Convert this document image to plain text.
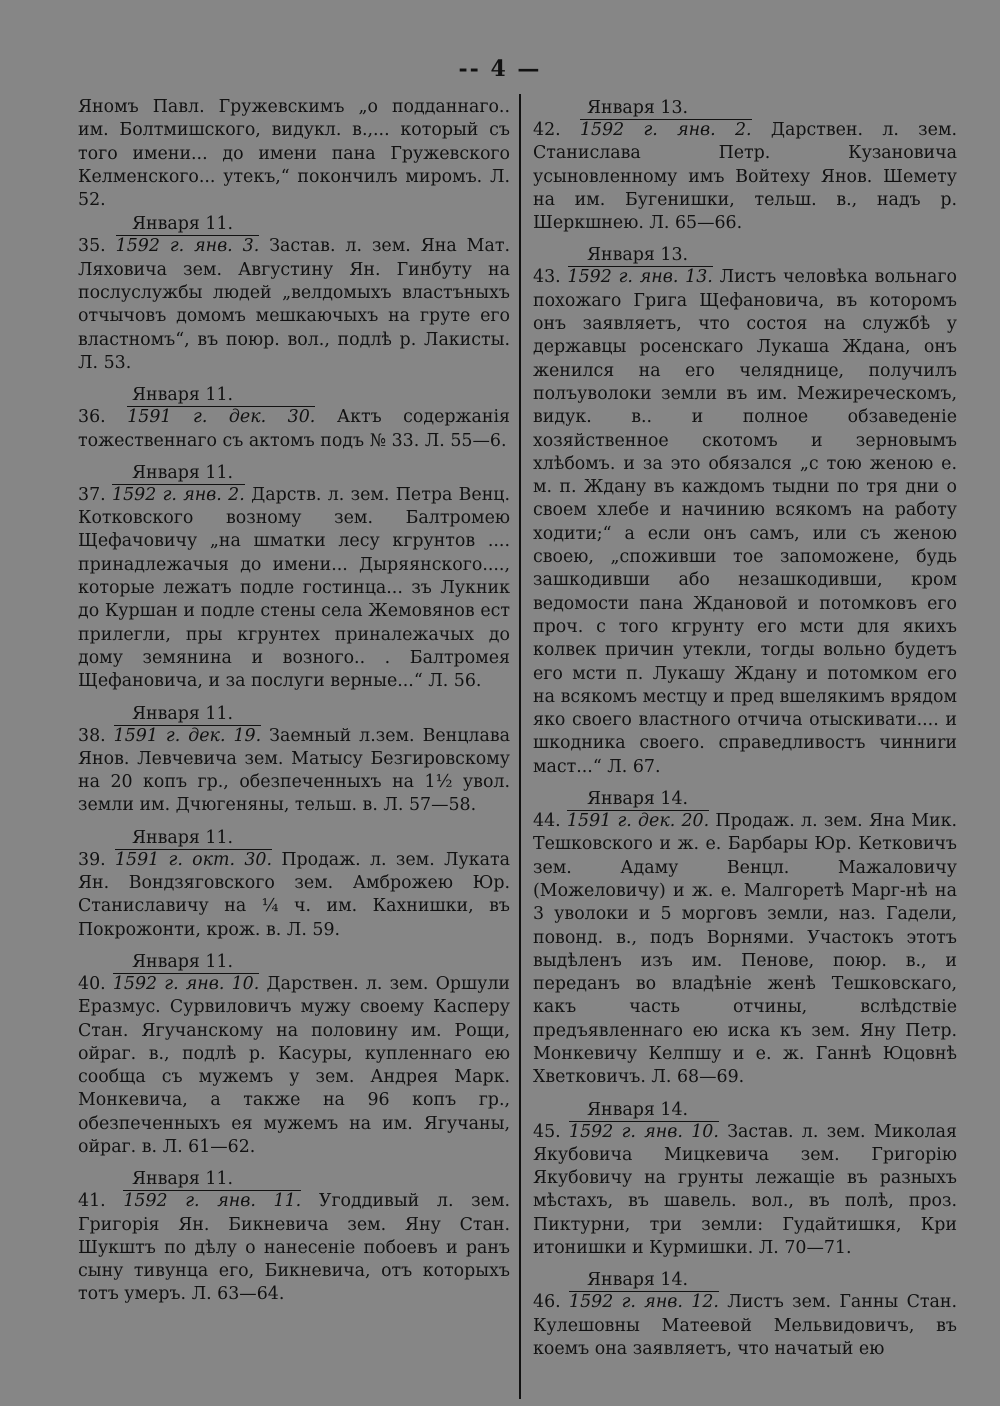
-- 4 —

Яномъ Павл. Гружевскимъ „о подданнаго.. им. Болтмишского, видукл. в.,... который съ того имени... до имени пана Гружевского Келменского... утекъ,“ покончилъ миромъ. Л. 52.

Января 11.

35. 1592 г. янв. 3. Застав. л. зем. Яна Мат. Ляховича зем. Августину Ян. Гинбуту на послуслужбы людей „велдомыхъ властъныхъ отчычовъ домомъ мешкаючыхъ на груте его властномъ“, въ поюр. вол., подлѣ р. Лакисты. Л. 53.

Января 11.

36. 1591 г. дек. 30. Актъ содержанія тожественнаго съ актомъ подъ № 33. Л. 55—6.

Января 11.

37. 1592 г. янв. 2. Дарств. л. зем. Петра Венц. Котковского возному зем. Балтромею Щефачовичу „на шматки лесу кгрунтов .... принадлежачыя до имени... Дыряянского...., которые лежатъ подле гостинца... зъ Лукник до Куршан и подле стены села Жемовянов ест прилегли, пры кгрунтех принaлежачых до дому земянина и возного.. . Балтромея Щефановича, и за послуги верные...“ Л. 56.

Января 11.

38. 1591 г. дек. 19. Заемный л.зем. Венцлава Янов. Левчевича зем. Матысу Безгировскому на 20 копъ гр., обезпеченныхъ на 1½ увол. земли им. Дчюгеняны, тельш. в. Л. 57—58.

Января 11.

39. 1591 г. окт. 30. Продаж. л. зем. Луката Ян. Вондзяговского зем. Амброжею Юр. Станиславичу на ¼ ч. им. Кахнишки, въ Покрожонти, крож. в. Л. 59.

Января 11.

40. 1592 г. янв. 10. Дарствен. л. зем. Оршули Еразмус. Сурвиловичъ мужу своему Каcперу Стан. Ягучанскому на половину им. Рощи, ойраг. в., подлѣ р. Касуры, купленнаго ею сообща съ мужемъ у зем. Андрея Марк. Монкевича, а также на 96 копъ гр., обезпеченныхъ ея мужемъ на им. Ягучаны, ойраг. в. Л. 61—62.

Января 11.

41. 1592 г. янв. 11. Угоддивый л. зем. Григорія Ян. Бикневича зем. Яну Стан. Шукштъ по дѣлу о нанесеніе побоевъ и ранъ сыну тивунца его, Бикневича, отъ которыхъ тотъ умеръ. Л. 63—64.

Января 13.

42. 1592 г. янв. 2. Дарствен. л. зем. Станислава Петр. Кузановича усыновленному имъ Войтеху Янов. Шемету на им. Бугенишки, тельш. в., надъ р. Шеркшнею. Л. 65—66.

Января 13.

43. 1592 г. янв. 13. Листъ человѣка вольнаго похожаго Грига Щефановича, въ которомъ онъ заявляетъ, что состоя на службѣ у державцы росенскаго Лукаша Ждана, онъ женился на его челяднице, получилъ полъуволоки земли въ им. Межиреческомъ, видук. в.. и полное обзаведеніе хозяйственное скотомъ и зерновымъ хлѣбомъ. и за это обязался „с тою женою е. м. п. Ждану въ каждомъ тыдни по тря дни о своем хлебе и начинию всякомъ на работу ходити;“ а если онъ самъ, или съ женою своею, „споживши тое запоможене, будь зашкодивши або незашкодивши, кром ведомости пана Ждановой и потомковъ его проч. с того кгрунту его мсти для якихъ колвек причин утекли, тогды вольно будетъ его мсти п. Лукашу Ждану и потомком его на всякомъ местцу и пред вшелякимъ врядом яко своего властного отчича отыскивати.... и шкодника своего. справедливостъ чинниrи маст...“ Л. 67.

Января 14.

44. 1591 г. дек. 20. Продаж. л. зем. Яна Мик. Тешковского и ж. е. Барбары Юр. Кетковичъ зем. Адаму Венцл. Мажаловичу (Можеловичу) и ж. е. Малгоретѣ Марг-нѣ на 3 уволоки и 5 морговъ земли, наз. Гадели, повонд. в., подъ Ворнями. Участокъ этотъ выдѣленъ изъ им. Пенове, поюр. в., и переданъ во владѣніе женѣ Тешковскаго, какъ часть отчины, вслѣдствіе предъявленнаго ею иска къ зем. Яну Петр. Монкевичу Келпшу и е. ж. Ганнѣ Юцовнѣ Хветковичъ. Л. 68—69.

Января 14.

45. 1592 г. янв. 10. Застав. л. зем. Миколая Якубовича Мицкевича зем. Григорію Якубовичу на грунты лежащіе въ разныхъ мѣстахъ, въ шавель. вол., въ полѣ, проз. Пиктурни, три земли: Гудайтишкя, Кри итонишки и Курмишки. Л. 70—71.

Января 14.

46. 1592 г. янв. 12. Листъ зем. Ганны Стан. Кулешовны Матеевой Мельвидовичъ, въ коемъ она заявляетъ, что начатый ею
